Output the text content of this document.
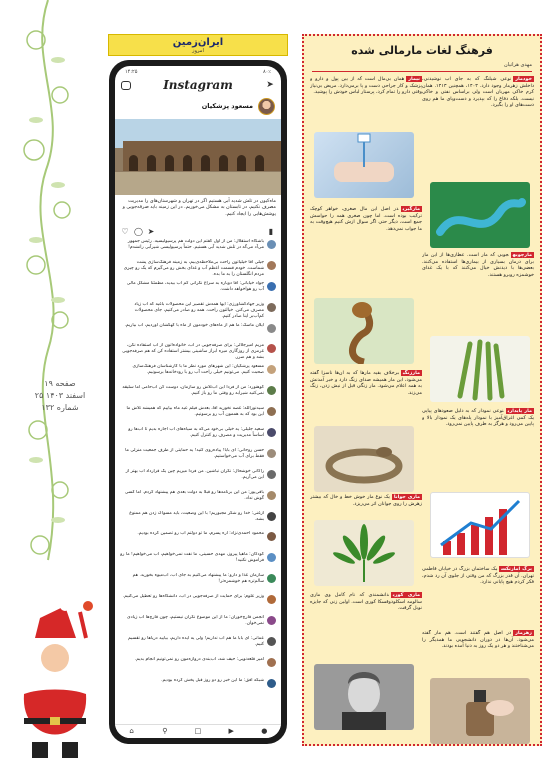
صفحه ۱۹
۲۵ اسفند ۱۴۰۳
شماره ۱۳۲
ایران‌زمین
امروز
۱۴:۲۵	۸۰٪
Instagram	➤
مسعود پزشکیان
ماه‌کیون در تلش شدید آبی هستیم اگر در تهران و شهرستان‌های را مدیریت مصرف نکنیم، در تابستان به مشکل می‌خوریم. در این زمینه باید صرفه‌جویی و پوشش‌هایی را ایجاد کنیم.
♡ ◯ ➤	▮
باشگاه استقلال: من از اول گفتم این دولت هم پرسپولیسیه. رئیس جمهور می‌آد می‌گه در تلش شدید آبی هستیم. حتماً پرسپولیسی شیرآبی رانشدم!
جیلی آقا خیلیاتون راحت بی‌ملاحظه‌ی‌بیم، به زمینه فرهنگ‌سازی پشت شماست. خودم قسمت اعظم آب و غذای بخش رو می‌گیرم که یک رو چیزی مردم انگلستان را به ما بده.
جواد خیابانی: آقا دوباره به سراغ نگرانی کم آب بیدید، مطمئنا مشکل مالی آب رو هواخواهد داشت.
وزیر جهادکشاورزی: ایها همه‌ش تقصیر این محصولات باغیه که آب زیاد مصرف می‌کنن. خیالتون راحت. همه رو صادر می‌کنیم، جای محصولات کم‌آب‌بر اینا صادر کنیم.
ایلان ماسک: ما هم از ماه‌های خودمون از ماه با کهکشان آوردیم، آب بیاریم.
مریم امیرجلالی: برای صرفه‌جویی در آب، خانواده‌اتون از آب استفاده نکن، غرمزی از روز‌گاری میره ابراز ساشینی بیشتر استفاده کن که هم صرفه‌جویی بشه و هم ضرر.
مسعود پزشکیان: این شهرهای مورد نظر ما با کارشناسان فرهنگ‌سازی صحبت کنیم. می‌تونیم خیلی راحت آب رو با رودخانه‌ها برسونیم.
کوهنورد: من از فردا این آب‌تلاش رو سازمان، دوست کن آب‌حامی اما سلیقه نمی‌کنید شیرابه رو وقتی ما رو باز کنیم.
سید‌نورالله: غصه نخورید آقا، بعدش فیلم عید ماه بیاییم که همیشه تلاش ما این بود که به هممون آب رو برسونیم.
سعید جلیلی: یه خیلی بی‌خود می‌گه به سیاه‌های آب اجاره بدیم تا آب‌ها رو اساساً مدیریت و مصرف رو کنترل کنیم.
حسن روحانی: ای بابا! پیاده‌روی کنید! یه حمایتی از طرف جمعیت منزلی ما فقط برای آب می‌خواستیم.
راکانی خوشحال: نگران نباشین. من فردا میریم چین یک قرارداد آب بهتر از این می‌آریم.
باقی‌پور: من این برنامه‌ها رو قبلاً به دولت بعدی هم پیشنهاد کردم. اما کسی گوش نداد.
ازغنی: خدا رو شکر مجبوریم! با این وضعیت، باید مسواک زدن هم ممنوع بشه.
محمود احمدی‌نژاد: آره پسرم، ما تو دولتم آب رو تضمین کرده بودیم.
کودکان: ماهیا پیروز، مهدی حسینی، ما نفت نمی‌خواهیم، آب می‌خواهیم! ما رو فراموش نکنید!
سازمان غذا و دارو: ما پیشنهاد می‌کنیم به جای آب، آب‌میوه بخورید. هم سالم‌تره هم خوشمزه‌تر!
وزیر علوم: برای حمایت از صرفه‌جویی در آب، دانشگاه‌ها رو تعطیل می‌کنیم.
انجمن قارچ‌خوران: ما از این موضوع نگران نیستیم، چون قارچ‌ها آب زیادی نمی‌خوان.
عمانی: ای بابا ما هم آب نداریم! ولی یه ایده داریم، بیایید دریاها رو تقسیم کنیم.
امیر قلعه‌نویی: حیف شد، آب‌بندی دروازه‌مون رو نمی‌تونیم انجام بدیم.
شبکه افق: ما این خبر رو دو روز قبل پخش کرده بودیم.
⌂	⚲	□	▶	●
فرهنگ لغات مارمالی شده
مهدی هراتیان
خودمارنوعی شیلنگ که به جای آب نوشیدنی، داخلش زهرمار وجود دارد. ۱۴۰۳، همچنین ۱۴۱۳. همان کرم خاکی مهربان است ولی براساس نفتی و خاکی نیست. بلکه دفاع را که بپذیرد و دست‌وپای ما هم روی دست‌های او را بگیرد.
نیمارهمان بی‌مال است که از بین پول و دارو و پزشک و کار جراحی دست و پا برمی‌دارد. مریض بی‌نیاز وقتی دارو را تمام کرد، پرستار لباس خودش را پوشید.
مارگیریدر اصل این مال صغری، خواهر کوچک ترکیب بوده است. اما چون صغری همه را حواسش جمع است، دیگر حتی اگر سوال ازش کنیم هیچ‌وقت به ما جواب نمی‌دهد.
مارچوبهجوبی که مار است. عطاری‌ها از این مار برای درمان بسیاری از بیماری‌ها استفاده می‌کنند. بعضی‌ها با دیدنش خیال می‌کنند که با یک غذای خوشمزه روبرو هستند.
مارزنگیبرخلاف بقیه مارها که به آن‌ها ناسزا گفته می‌شود، این مار همیشه صدای زنگ دارد و خبر آمدنش به همه اعلام می‌شود. مار زنگی قبل از نیش زدن، زنگ می‌زند.
مار پایدارینوعی نمودار که به دلیل صعودهای پیاپی یک کمی اغراق‌آمیز با نمودار پله‌های یک نمودار بالا و پایین می‌رود و هرگز به طرف پایین نمی‌رود.
ماری جوانایک نوع مار خوش خط و خال که بیشتر زهرش را روی جوانان اثر می‌ریزد.
ماری کوریدانشمندی که نام کامل وی ماری سالومه اسکلودوفسکا کوری است. اولین زنی که جایزه نوبل گرفت.
برگ آمارتکسیک ساختمان بزرگ در خیابان فاطمی تهران. آن قدر بزرگ که من وقتی از جلوی آن رد شدم، فکر کردم هیچ پایانی ندارد.
زهرماردر اصل هم گفتند است. هم مار گفته می‌شود. آن‌ها در دوران دانشجویی ما همدیگر را می‌شناختند و هر دو یک روز به دنیا آمده بودند.
